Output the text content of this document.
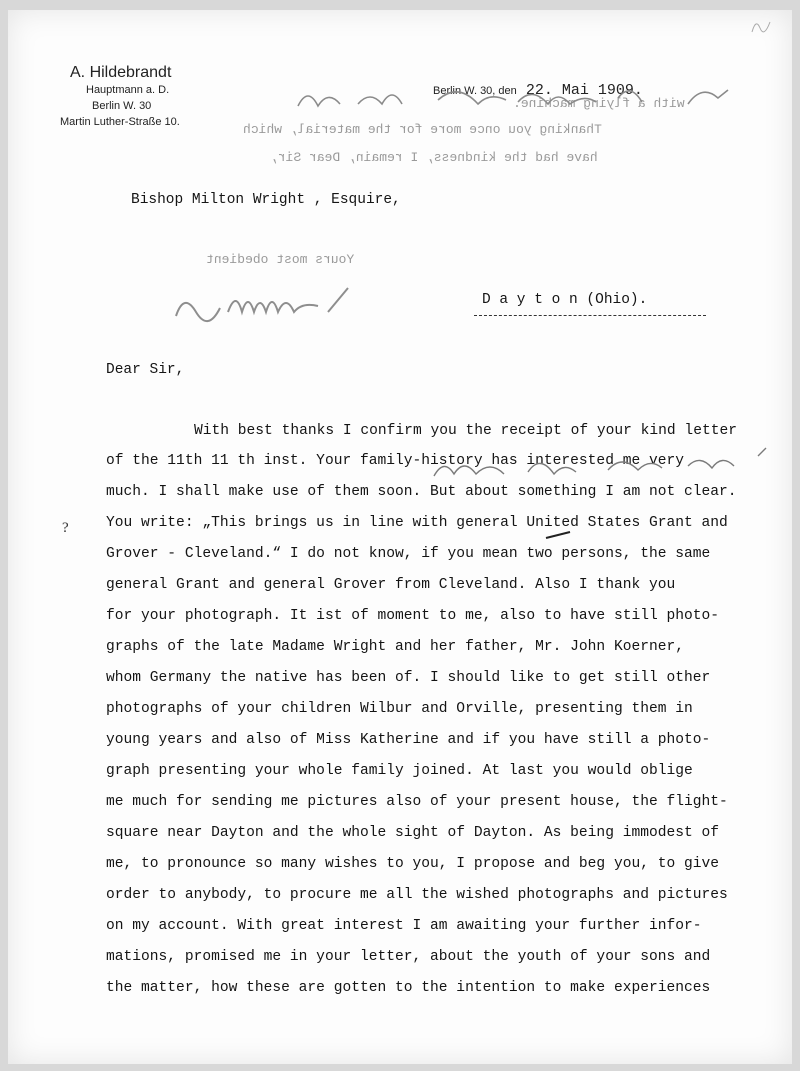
A. Hildebrandt
Hauptmann a. D.
Berlin W. 30
Martin Luther-Straße 10.
Berlin W. 30, den 22. Mai 1909.
with a flying machine.
Thanking you once more for the material, which
have had the kindness, I remain, Dear Sir,
Yours most obedient
Bishop Milton Wright , Esquire,
D a y t o n (Ohio).
Dear Sir,
With best thanks I confirm you the receipt of your kind letter
of the 11th 11 th inst. Your family-history has interested me very
much. I shall make use of them soon. But about something I am not clear.
You write: „This brings us in line with general United States Grant and
Grover - Cleveland.“ I do not know, if you mean two persons, the same
general Grant and general Grover from Cleveland. Also I thank you
for your photograph. It ist of moment to me, also to have still photo-
graphs of the late Madame Wright and her father, Mr. John Koerner,
whom Germany the native has been of. I should like to get still other
photographs of your children Wilbur and Orville, presenting them in
young years and also of Miss Katherine and if you have still a photo-
graph presenting your whole family joined. At last you would oblige
me much for sending me pictures also of your present house, the flight-
square near Dayton and the whole sight of Dayton. As being immodest of
me, to pronounce so many wishes to you, I propose and beg you, to give
order to anybody, to procure me all the wished photographs and pictures
on my account. With great interest I am awaiting your further infor-
mations, promised me in your letter, about the youth of your sons and
the matter, how these are gotten to the intention to make experiences
?
